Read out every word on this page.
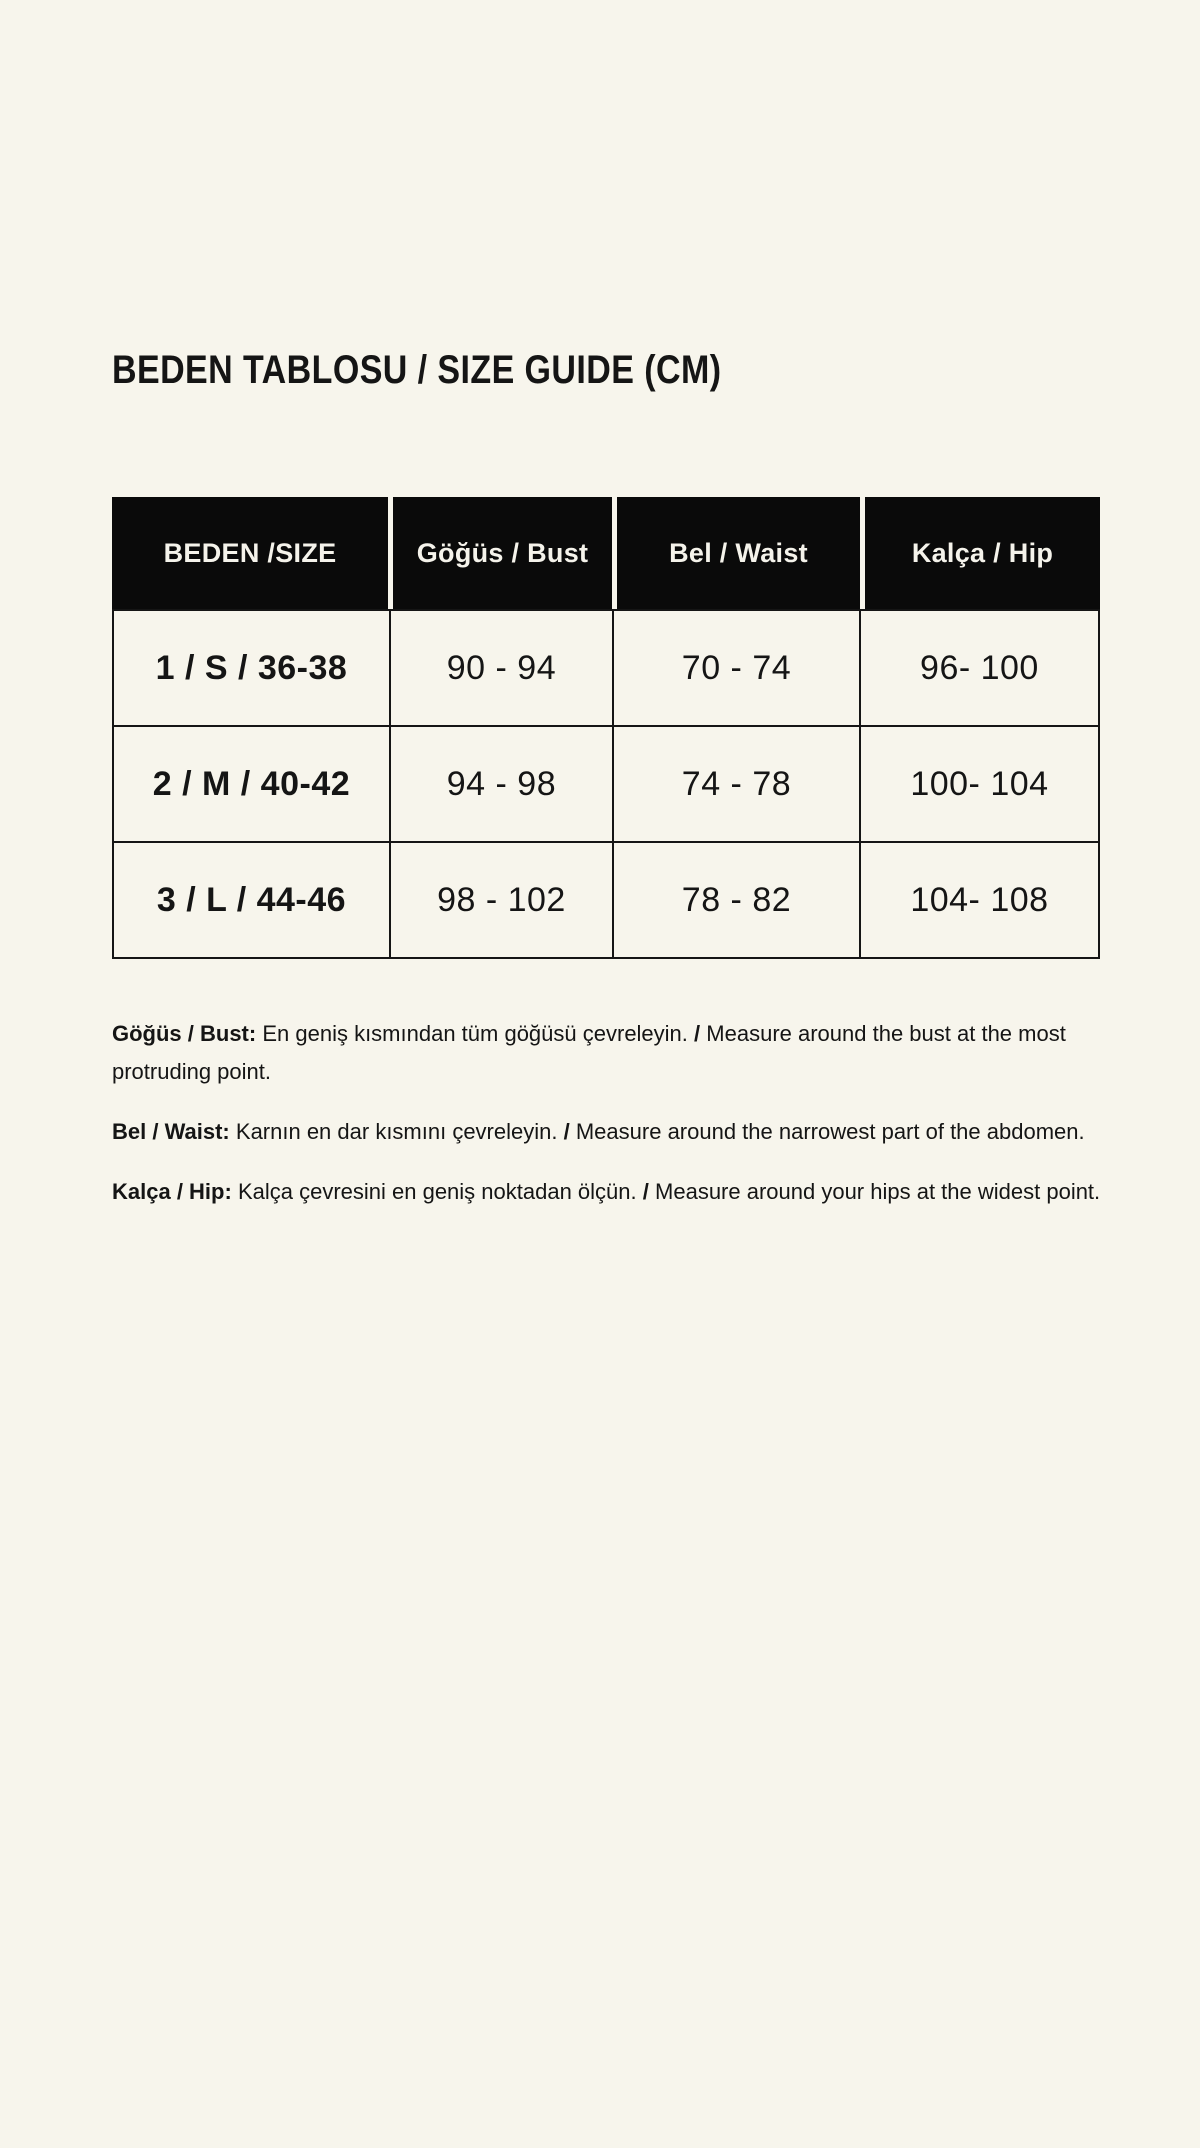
BEDEN TABLOSU / SIZE GUIDE (CM)
BEDEN /SIZE	Göğüs / Bust	Bel / Waist	Kalça / Hip
1 / S / 36-38	90 - 94	70 - 74	96- 100
2 / M / 40-42	94 - 98	74 - 78	100- 104
3 / L / 44-46	98 - 102	78 - 82	104- 108

Göğüs / Bust: En geniş kısmından tüm göğüsü çevreleyin. / Measure around the bust at the most protruding point.

Bel / Waist: Karnın en dar kısmını çevreleyin. / Measure around the narrowest part of the abdomen.

Kalça / Hip: Kalça çevresini en geniş noktadan ölçün. / Measure around your hips at the widest point.
